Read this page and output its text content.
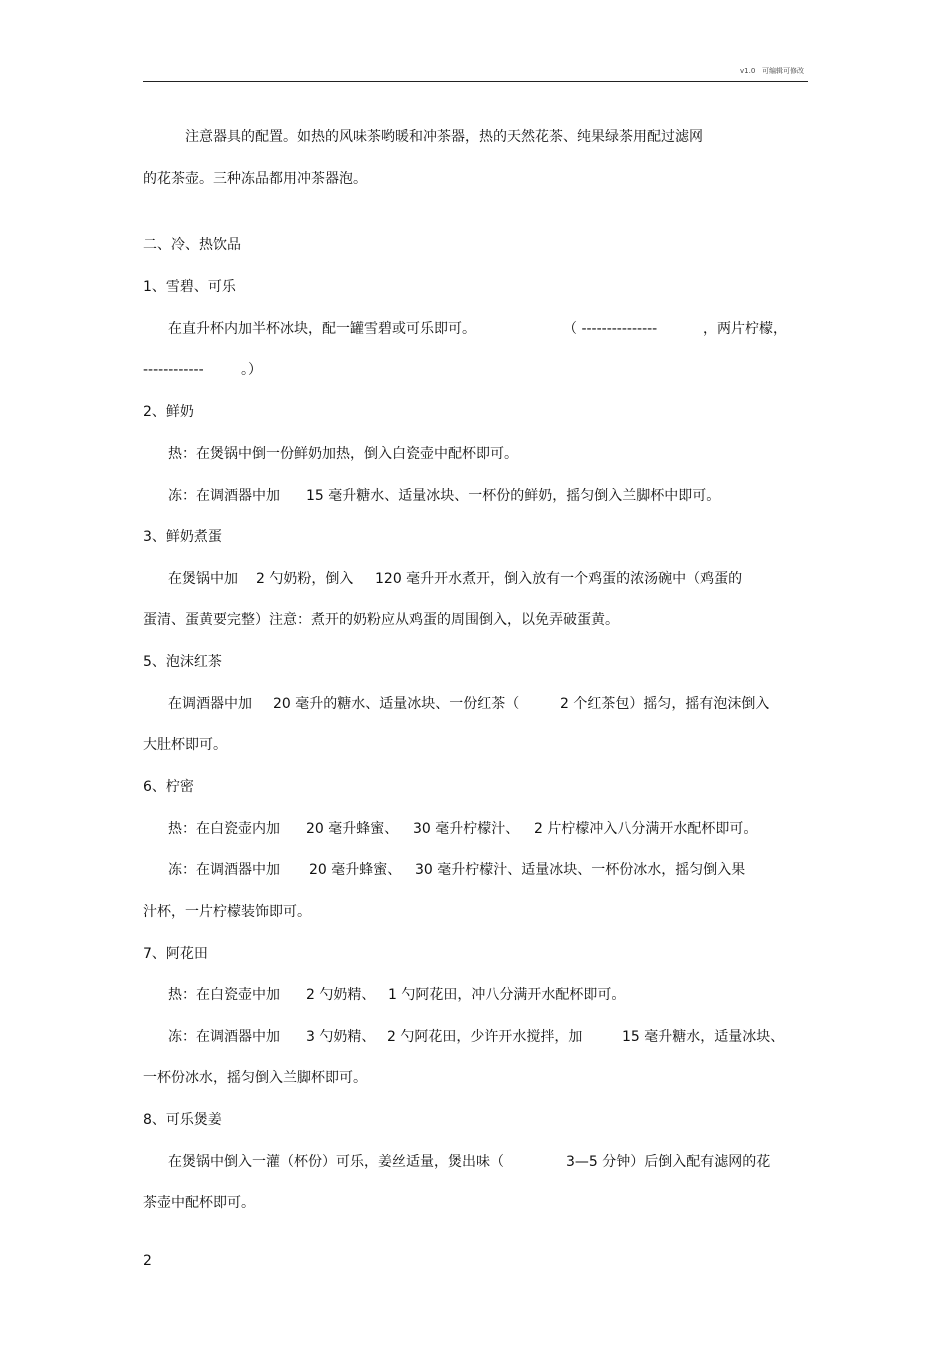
v1.0 可编辑可修改
注意器具的配置。如热的风味茶哟暖和冲茶器，热的天然花茶、纯果绿茶用配过滤网
的花茶壶。三种冻品都用冲茶器泡。
二、冷、热饮品
1、雪碧、可乐
在直升杯内加半杯冰块，配一罐雪碧或可乐即可。	（ ---------------	，两片柠檬，
------------	。）
2、鲜奶
热：在煲锅中倒一份鲜奶加热，倒入白瓷壶中配杯即可。
冻：在调酒器中加 15 毫升糖水、适量冰块、一杯份的鲜奶，摇匀倒入兰脚杯中即可。
3、鲜奶煮蛋
在煲锅中加 2 勺奶粉，倒入 120 毫升开水煮开，倒入放有一个鸡蛋的浓汤碗中（鸡蛋的
蛋清、蛋黄要完整）注意：煮开的奶粉应从鸡蛋的周围倒入，以免弄破蛋黄。
5、泡沫红茶
在调酒器中加 20 毫升的糖水、适量冰块、一份红茶（	2 个红茶包）摇匀，摇有泡沫倒入
大肚杯即可。
6、柠密
热：在白瓷壶内加 20 毫升蜂蜜、 30 毫升柠檬汁、 2 片柠檬冲入八分满开水配杯即可。
冻：在调酒器中加 20 毫升蜂蜜、 30 毫升柠檬汁、适量冰块、一杯份冰水，摇匀倒入果
汁杯，一片柠檬装饰即可。
7、阿花田
热：在白瓷壶中加 2 勺奶精、 1 勺阿花田，冲八分满开水配杯即可。
冻：在调酒器中加 3 勺奶精、 2 勺阿花田，少许开水搅拌，加	15 毫升糖水，适量冰块、
一杯份冰水，摇匀倒入兰脚杯即可。
8、可乐煲姜
在煲锅中倒入一灌（杯份）可乐，姜丝适量，煲出味（	3—5 分钟）后倒入配有滤网的花
茶壶中配杯即可。
2
